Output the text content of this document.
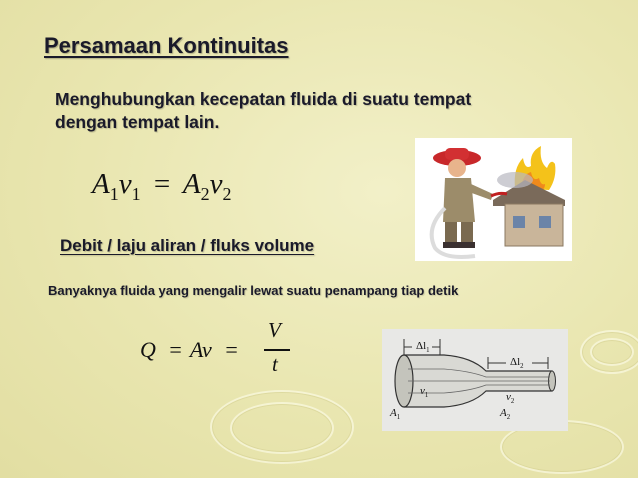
Persamaan Kontinuitas
Menghubungkan kecepatan fluida di suatu tempat dengan tempat lain.
$A_1v_1 = A_2v_2$
Debit / laju aliran / fluks volume
Banyaknya fluida yang mengalir lewat suatu penampang tiap detik
Q = Av =
V
t
$\Delta l_1$
$\Delta l_2$
$v_1$	$v_2$
$A_1$	$A_2$
